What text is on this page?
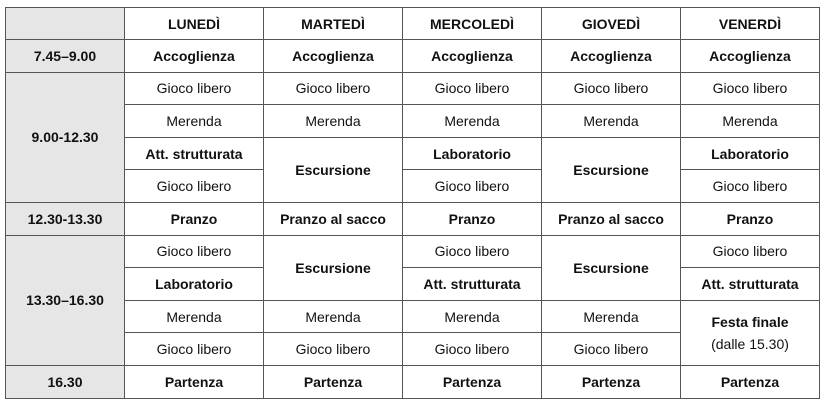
	LUNEDÌ	MARTEDÌ	MERCOLEDÌ	GIOVEDÌ	VENERDÌ
7.45–9.00	Accoglienza	Accoglienza	Accoglienza	Accoglienza	Accoglienza
9.00-12.30	Gioco libero	Gioco libero	Gioco libero	Gioco libero	Gioco libero
	Merenda	Merenda	Merenda	Merenda	Merenda
	Att. strutturata	Escursione	Laboratorio	Escursione	Laboratorio
	Gioco libero		Gioco libero		Gioco libero
12.30-13.30	Pranzo	Pranzo al sacco	Pranzo	Pranzo al sacco	Pranzo
13.30–16.30	Gioco libero	Escursione	Gioco libero	Escursione	Gioco libero
	Laboratorio		Att. strutturata		Att. strutturata
	Merenda	Merenda	Merenda	Merenda	Festa finale
(dalle 15.30)

	Gioco libero	Gioco libero	Gioco libero	Gioco libero	
16.30	Partenza	Partenza	Partenza	Partenza	Partenza
